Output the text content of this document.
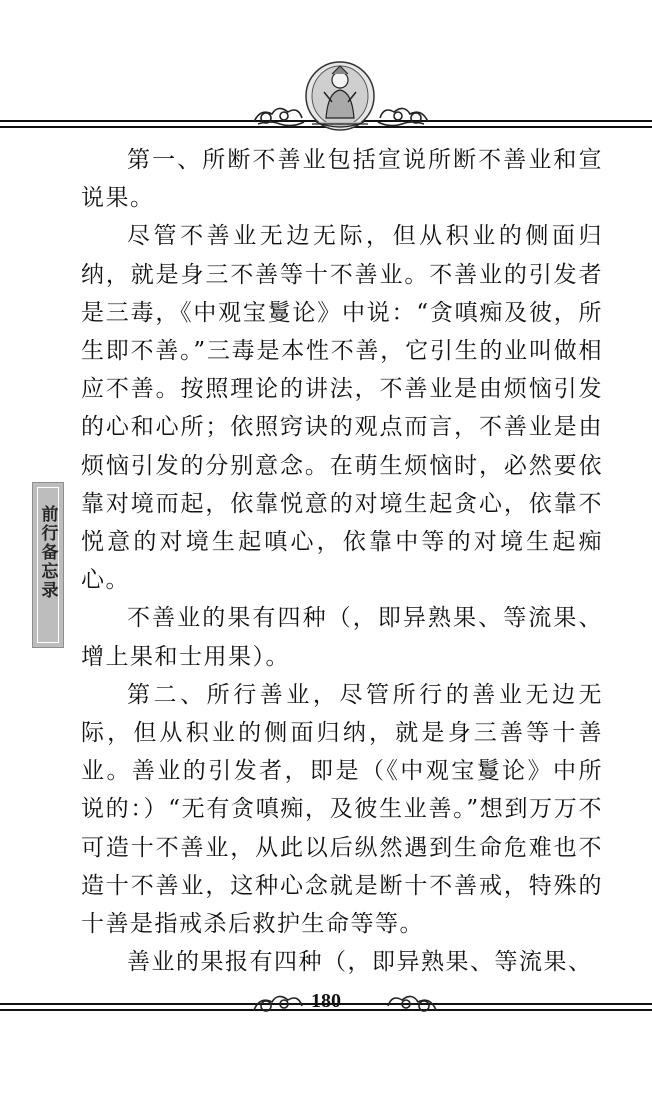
前行备忘录

第一、所断不善业包括宣说所断不善业和宣说果。

尽管不善业无边无际，但从积业的侧面归纳，就是身三不善等十不善业。不善业的引发者是三毒，《中观宝鬘论》中说：“贪嗔痴及彼，所生即不善。”三毒是本性不善，它引生的业叫做相应不善。按照理论的讲法，不善业是由烦恼引发的心和心所；依照窍诀的观点而言，不善业是由烦恼引发的分别意念。在萌生烦恼时，必然要依靠对境而起，依靠悦意的对境生起贪心，依靠不悦意的对境生起嗔心，依靠中等的对境生起痴心。

不善业的果有四种（，即异熟果、等流果、增上果和士用果）。

第二、所行善业，尽管所行的善业无边无际，但从积业的侧面归纳，就是身三善等十善业。善业的引发者，即是（《中观宝鬘论》中所说的：）“无有贪嗔痴，及彼生业善。”想到万万不可造十不善业，从此以后纵然遇到生命危难也不造十不善业，这种心念就是断十不善戒，特殊的十善是指戒杀后救护生命等等。

善业的果报有四种（，即异熟果、等流果、

180
